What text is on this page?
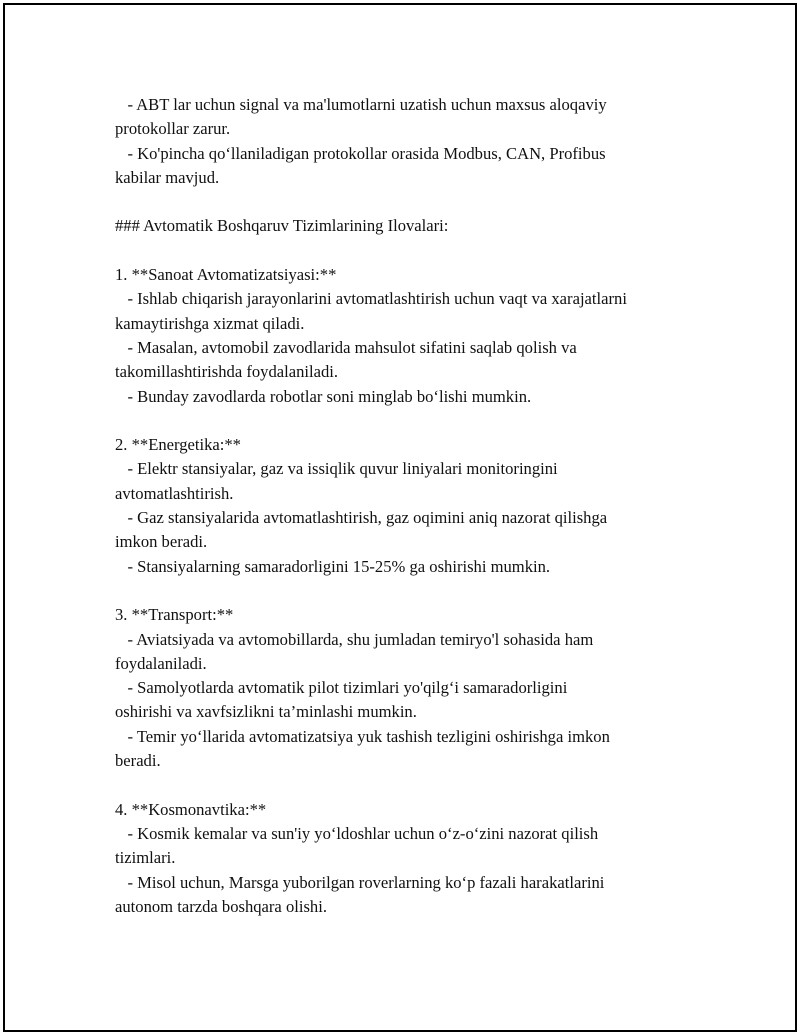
- ABT lar uchun signal va ma'lumotlarni uzatish uchun maxsus aloqaviy
protokollar zarur.
- Ko'pincha qo‘llaniladigan protokollar orasida Modbus, CAN, Profibus
kabilar mavjud.
### Avtomatik Boshqaruv Tizimlarining Ilovalari:
1. **Sanoat Avtomatizatsiyasi:**
- Ishlab chiqarish jarayonlarini avtomatlashtirish uchun vaqt va xarajatlarni
kamaytirishga xizmat qiladi.
- Masalan, avtomobil zavodlarida mahsulot sifatini saqlab qolish va
takomillashtirishda foydalaniladi.
- Bunday zavodlarda robotlar soni minglab bo‘lishi mumkin.
2. **Energetika:**
- Elektr stansiyalar, gaz va issiqlik quvur liniyalari monitoringini
avtomatlashtirish.
- Gaz stansiyalarida avtomatlashtirish, gaz oqimini aniq nazorat qilishga
imkon beradi.
- Stansiyalarning samaradorligini 15-25% ga oshirishi mumkin.
3. **Transport:**
- Aviatsiyada va avtomobillarda, shu jumladan temiryo'l sohasida ham
foydalaniladi.
- Samolyotlarda avtomatik pilot tizimlari yo'qilg‘i samaradorligini
oshirishi va xavfsizlikni ta’minlashi mumkin.
- Temir yo‘llarida avtomatizatsiya yuk tashish tezligini oshirishga imkon
beradi.
4. **Kosmonavtika:**
- Kosmik kemalar va sun'iy yo‘ldoshlar uchun o‘z-o‘zini nazorat qilish
tizimlari.
- Misol uchun, Marsga yuborilgan roverlarning ko‘p fazali harakatlarini
autonom tarzda boshqara olishi.
